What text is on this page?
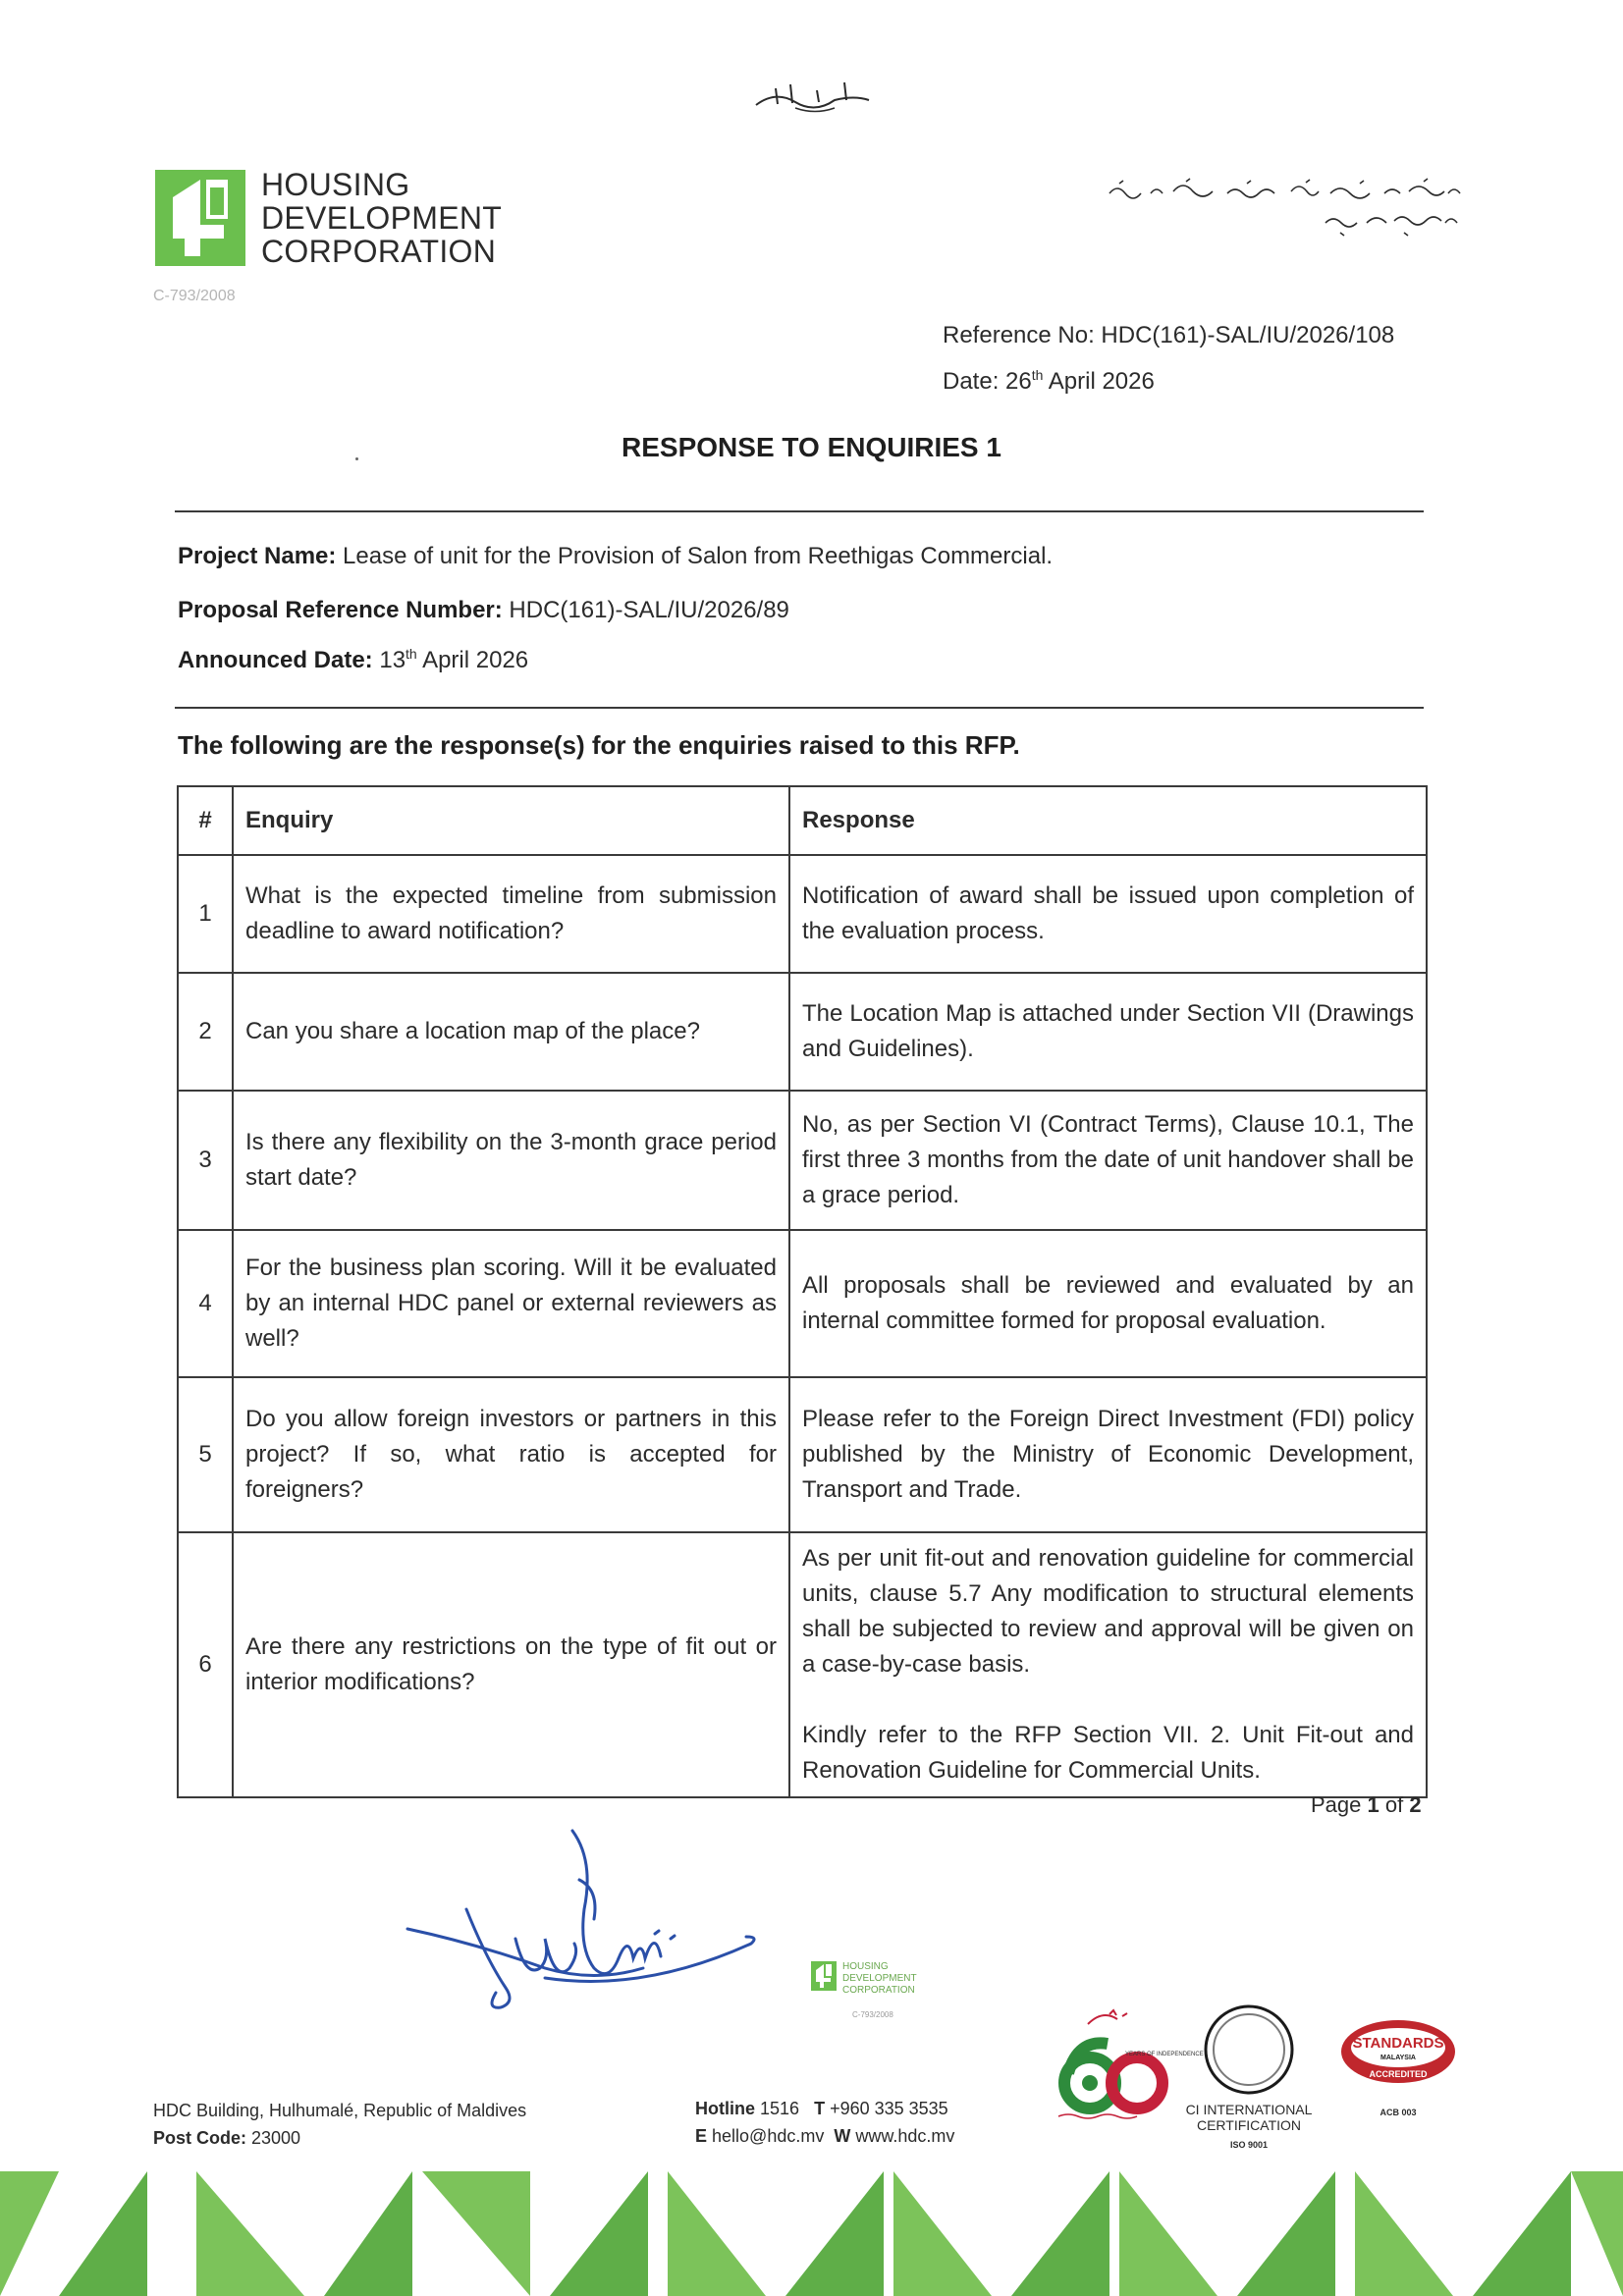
HOUSING
DEVELOPMENT
CORPORATION
C-793/2008
Reference No: HDC(161)-SAL/IU/2026/108
Date: 26th April 2026
RESPONSE TO ENQUIRIES 1
Project Name: Lease of unit for the Provision of Salon from Reethigas Commercial.
Proposal Reference Number: HDC(161)-SAL/IU/2026/89
Announced Date: 13th April 2026
The following are the response(s) for the enquiries raised to this RFP.
#	Enquiry	Response
1	What is the expected timeline from submission deadline to award notification?	Notification of award shall be issued upon completion of the evaluation process.
2	Can you share a location map of the place?	The Location Map is attached under Section VII (Drawings and Guidelines).
3	Is there any flexibility on the 3-month grace period start date?	No, as per Section VI (Contract Terms), Clause 10.1, The first three 3 months from the date of unit handover shall be a grace period.
4	For the business plan scoring. Will it be evaluated by an internal HDC panel or external reviewers as well?	All proposals shall be reviewed and evaluated by an internal committee formed for proposal evaluation.
5	Do you allow foreign investors or partners in this project? If so, what ratio is accepted for foreigners?	Please refer to the Foreign Direct Investment (FDI) policy published by the Ministry of Economic Development, Transport and Trade.
6	Are there any restrictions on the type of fit out or interior modifications?	As per unit fit-out and renovation guideline for commercial units, clause 5.7 Any modification to structural elements shall be subjected to review and approval will be given on a case-by-case basis.
Kindly refer to the RFP Section VII. 2. Unit Fit-out and Renovation Guideline for Commercial Units.
Page 1 of 2
HOUSING
DEVELOPMENT
CORPORATION
C-793/2008
YEARS OF INDEPENDENCE
CI INTERNATIONAL
CERTIFICATION
ISO 9001
STANDARDS
MALAYSIA
ACCREDITED
ACB 003
HDC Building, Hulhumalé, Republic of Maldives
Post Code: 23000
Hotline 1516 T +960 335 3535
E hello@hdc.mv W www.hdc.mv
